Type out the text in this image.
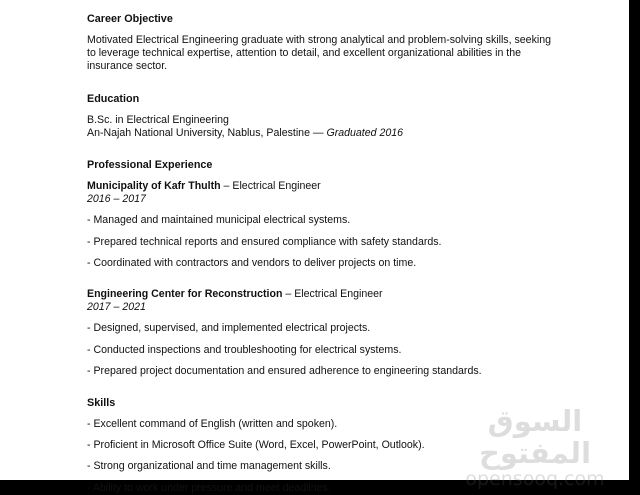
Career Objective

Motivated Electrical Engineering graduate with strong analytical and problem-solving skills, seeking to leverage technical expertise, attention to detail, and excellent organizational abilities in the insurance sector.

Education

B.Sc. in Electrical Engineering

An-Najah National University, Nablus, Palestine — Graduated 2016

Professional Experience

Municipality of Kafr Thulth – Electrical Engineer

2016 – 2017

- Managed and maintained municipal electrical systems.

- Prepared technical reports and ensured compliance with safety standards.

- Coordinated with contractors and vendors to deliver projects on time.

Engineering Center for Reconstruction – Electrical Engineer

2017 – 2021

- Designed, supervised, and implemented electrical projects.

- Conducted inspections and troubleshooting for electrical systems.

- Prepared project documentation and ensured adherence to engineering standards.

Skills

- Excellent command of English (written and spoken).

- Proficient in Microsoft Office Suite (Word, Excel, PowerPoint, Outlook).

- Strong organizational and time management skills.

- Ability to work under pressure and meet deadlines.

السوق المفتوح
opensooq.com
